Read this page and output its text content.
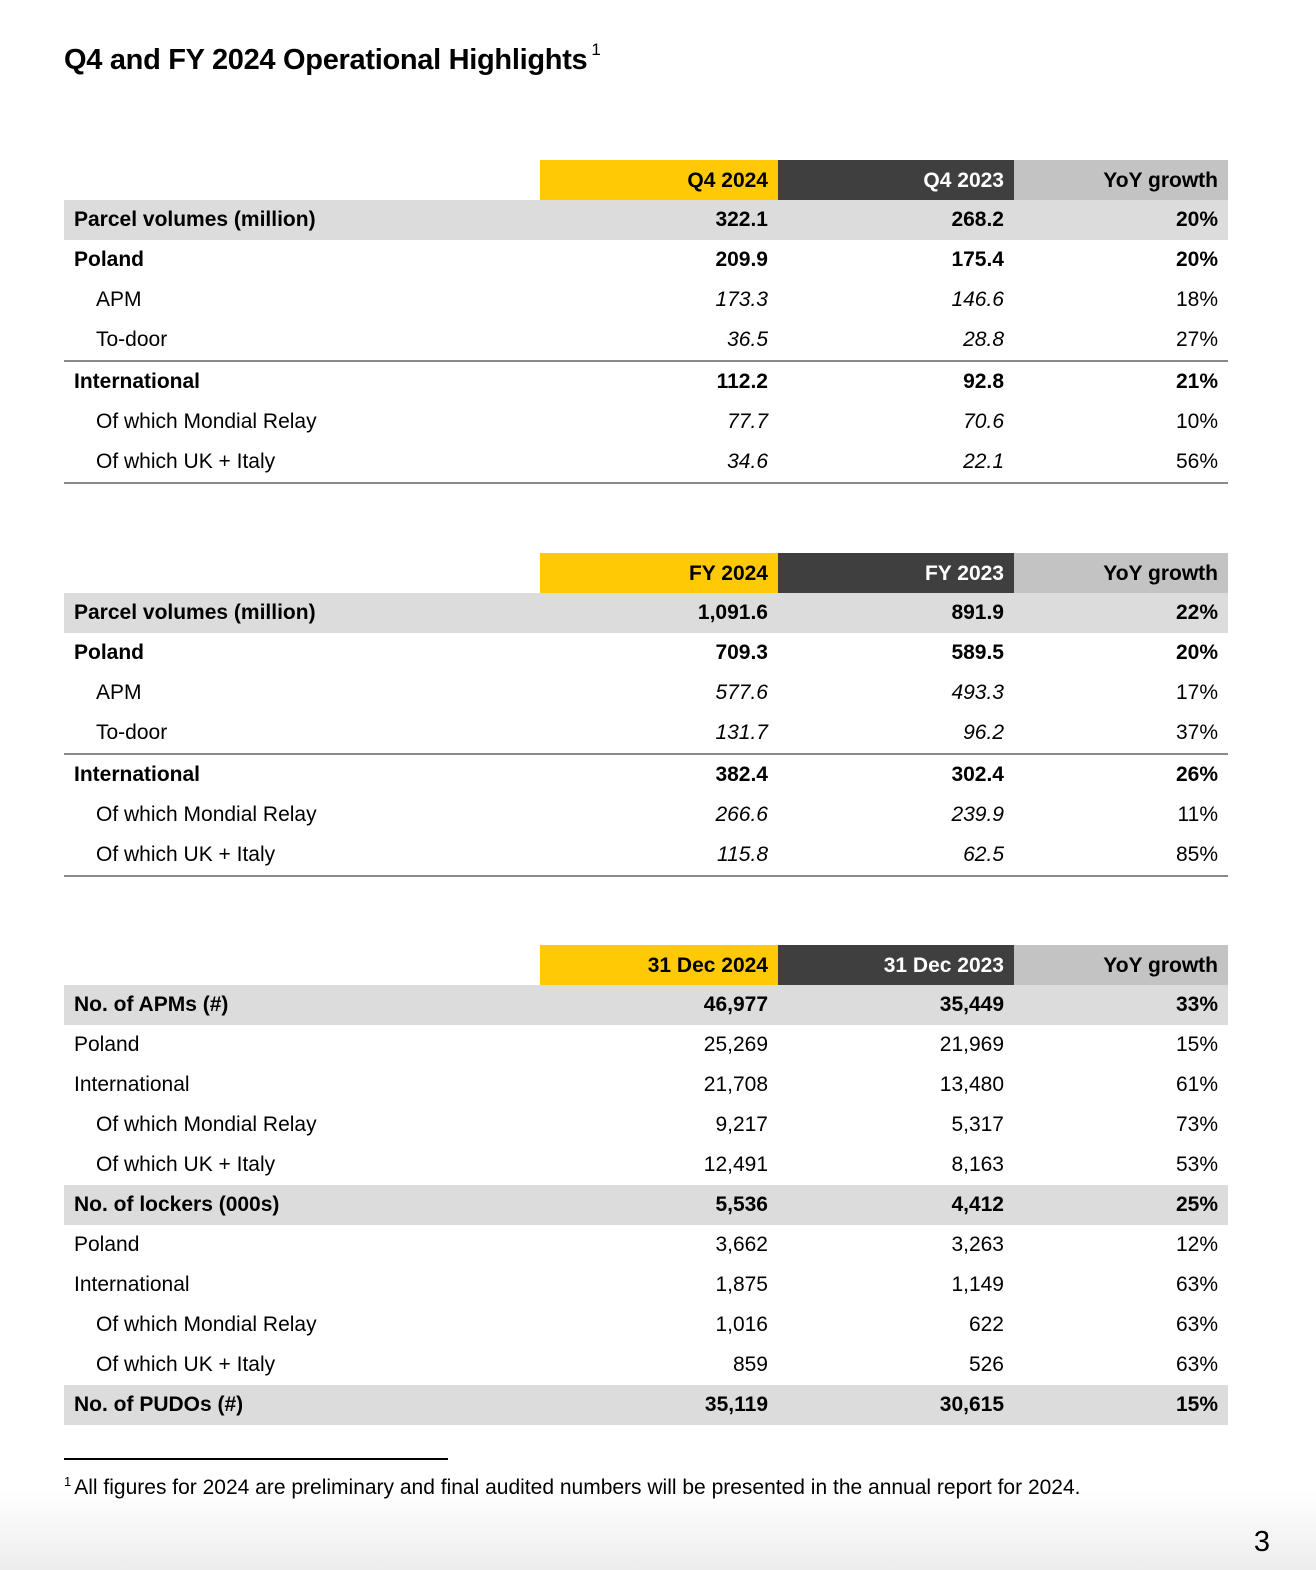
Q4 and FY 2024 Operational Highlights $^1$
	Q4 2024	Q4 2023	YoY growth
Parcel volumes (million)	322.1	268.2	20%
Poland	209.9	175.4	20%
APM	173.3	146.6	18%
To-door	36.5	28.8	27%
International	112.2	92.8	21%
Of which Mondial Relay	77.7	70.6	10%
Of which UK + Italy	34.6	22.1	56%
	FY 2024	FY 2023	YoY growth
Parcel volumes (million)	1,091.6	891.9	22%
Poland	709.3	589.5	20%
APM	577.6	493.3	17%
To-door	131.7	96.2	37%
International	382.4	302.4	26%
Of which Mondial Relay	266.6	239.9	11%
Of which UK + Italy	115.8	62.5	85%
	31 Dec 2024	31 Dec 2023	YoY growth
No. of APMs (#)	46,977	35,449	33%
Poland	25,269	21,969	15%
International	21,708	13,480	61%
Of which Mondial Relay	9,217	5,317	73%
Of which UK + Italy	12,491	8,163	53%
No. of lockers (000s)	5,536	4,412	25%
Poland	3,662	3,263	12%
International	1,875	1,149	63%
Of which Mondial Relay	1,016	622	63%
Of which UK + Italy	859	526	63%
No. of PUDOs (#)	35,119	30,615	15%

$^1$ All figures for 2024 are preliminary and final audited numbers will be presented in the annual report for 2024.

3
